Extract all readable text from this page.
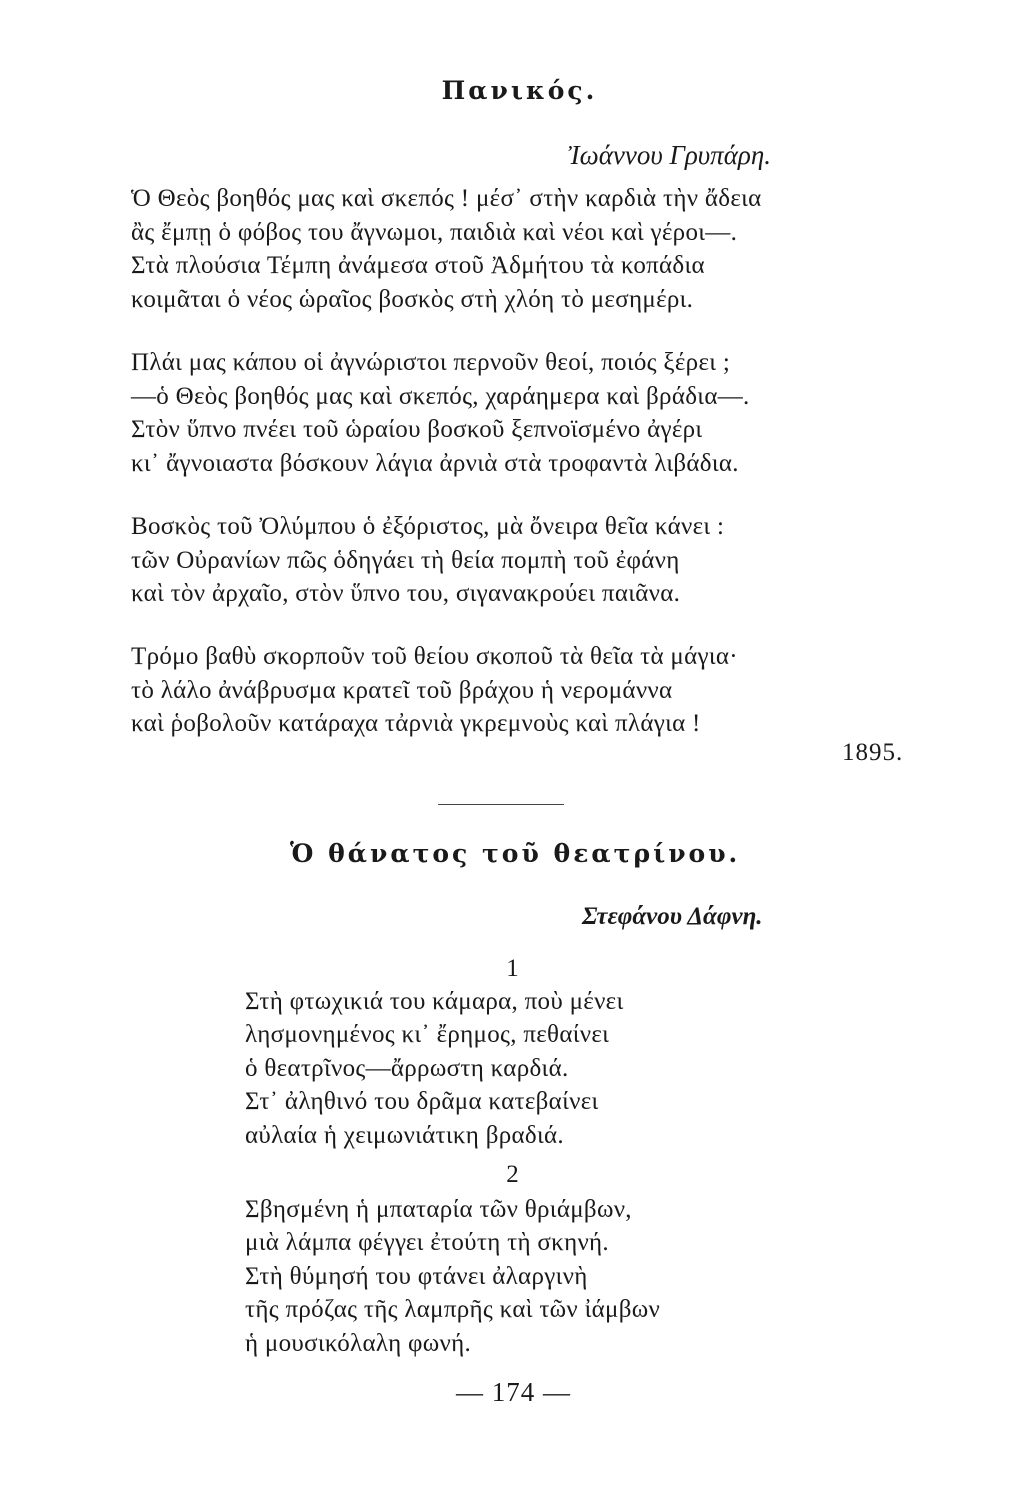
Πανικός.
Ἰωάννου Γρυπάρη.
Ὁ Θεὸς βοηθός μας καὶ σκεπός ! μέσ᾽ στὴν καρδιὰ τὴν ἄδεια
ἂς ἔμπῃ ὁ φόβος του ἄγνωμοι, παιδιὰ καὶ νέοι καὶ γέροι—.
Στὰ πλούσια Τέμπη ἀνάμεσα στοῦ Ἀδμήτου τὰ κοπάδια
κοιμᾶται ὁ νέος ὡραῖος βοσκὸς στὴ χλόη τὸ μεσημέρι.
Πλάι μας κάπου οἱ ἀγνώριστοι περνοῦν θεοί, ποιός ξέρει ;
—ὁ Θεὸς βοηθός μας καὶ σκεπός, χαράημερα καὶ βράδια—.
Στὸν ὕπνο πνέει τοῦ ὡραίου βοσκοῦ ξεπνοϊσμένο ἀγέρι
κι᾽ ἄγνοιαστα βόσκουν λάγια ἀρνιὰ στὰ τροφαντὰ λιβάδια.
Βοσκὸς τοῦ Ὀλύμπου ὁ ἐξόριστος, μὰ ὄνειρα θεῖα κάνει :
τῶν Οὐρανίων πῶς ὁδηγάει τὴ θεία πομπὴ τοῦ ἐφάνη
καὶ τὸν ἀρχαῖο, στὸν ὕπνο του, σιγανακρούει παιᾶνα.
Τρόμο βαθὺ σκορποῦν τοῦ θείου σκοποῦ τὰ θεῖα τὰ μάγια·
τὸ λάλο ἀνάβρυσμα κρατεῖ τοῦ βράχου ἡ νερομάννα
καὶ ῥοβολοῦν κατάραχα τἀρνιὰ γκρεμνοὺς καὶ πλάγια !
1895.
Ὁ θάνατος τοῦ θεατρίνου.
Στεφάνου Δάφνη.
1
Στὴ φτωχικιά του κάμαρα, ποὺ μένει
λησμονημένος κι᾽ ἔρημος, πεθαίνει
ὁ θεατρῖνος—ἄρρωστη καρδιά.
Στ᾽ ἀληθινό του δρᾶμα κατεβαίνει
αὐλαία ἡ χειμωνιάτικη βραδιά.
2
Σβησμένη ἡ μπαταρία τῶν θριάμβων,
μιὰ λάμπα φέγγει ἐτούτη τὴ σκηνή.
Στὴ θύμησή του φτάνει ἀλαργινὴ
τῆς πρόζας τῆς λαμπρῆς καὶ τῶν ἰάμβων
ἡ μουσικόλαλη φωνή.
— 174 —
